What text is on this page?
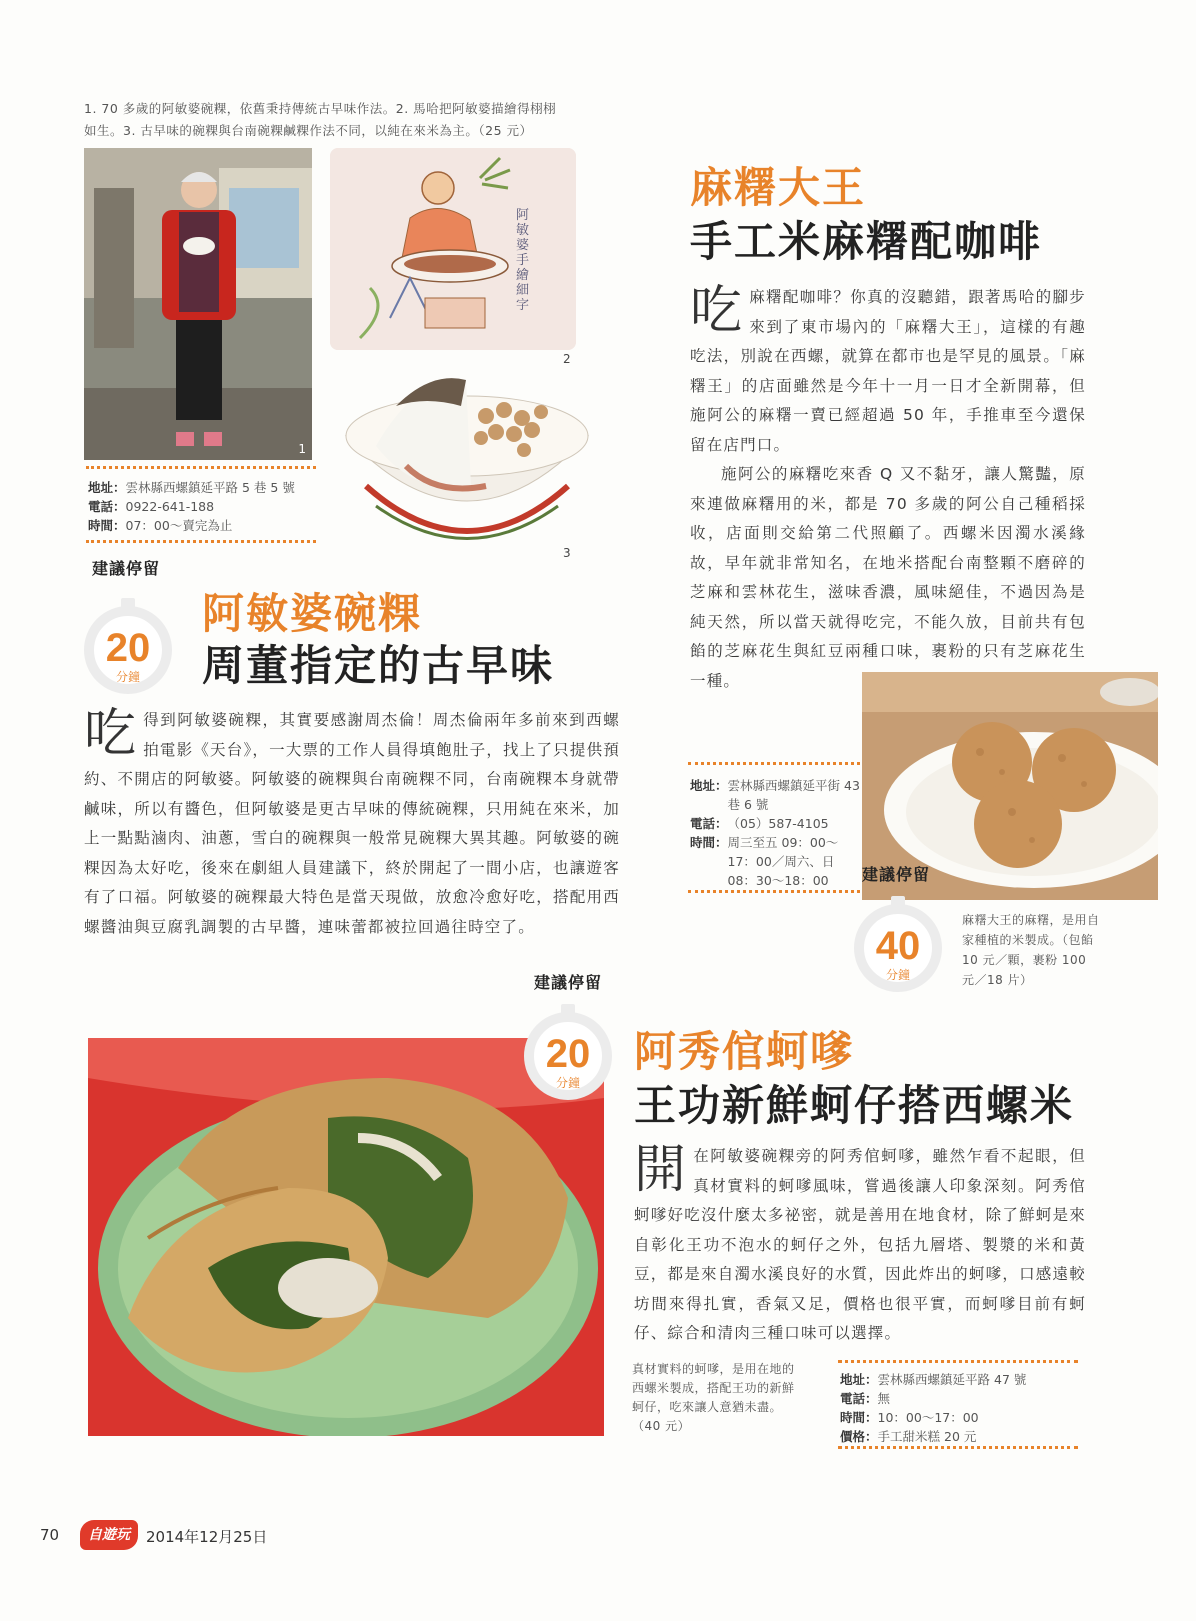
1. 70 多歲的阿敏婆碗粿，依舊秉持傳統古早味作法。2. 馬哈把阿敏婆描繪得栩栩
如生。3. 古早味的碗粿與台南碗粿鹹粿作法不同，以純在來米為主。（25 元）
1
阿敏婆手繪細字
2
3
地址：雲林縣西螺鎮延平路 5 巷 5 號
電話：0922-641-188
時間：07：00～賣完為止
建議停留
20
分鐘
阿敏婆碗粿
周董指定的古早味
吃得到阿敏婆碗粿，其實要感謝周杰倫！周杰倫兩年多前來到西螺拍電影《天台》，一大票的工作人員得填飽肚子，找上了只提供預約、不開店的阿敏婆。阿敏婆的碗粿與台南碗粿不同，台南碗粿本身就帶鹹味，所以有醬色，但阿敏婆是更古早味的傳統碗粿，只用純在來米，加上一點點滷肉、油蔥，雪白的碗粿與一般常見碗粿大異其趣。阿敏婆的碗粿因為太好吃，後來在劇組人員建議下，終於開起了一間小店，也讓遊客有了口福。阿敏婆的碗粿最大特色是當天現做，放愈冷愈好吃，搭配用西螺醬油與豆腐乳調製的古早醬，連味蕾都被拉回過往時空了。
麻糬大王
手工米麻糬配咖啡
吃麻糬配咖啡？你真的沒聽錯，跟著馬哈的腳步來到了東市場內的「麻糬大王」，這樣的有趣吃法，別說在西螺，就算在都市也是罕見的風景。「麻糬王」的店面雖然是今年十一月一日才全新開幕，但施阿公的麻糬一賣已經超過 50 年，手推車至今還保留在店門口。
施阿公的麻糬吃來香 Q 又不黏牙，讓人驚豔，原來連做麻糬用的米，都是 70 多歲的阿公自己種稻採收，店面則交給第二代照顧了。西螺米因濁水溪緣故，早年就非常知名，在地米搭配台南整顆不磨碎的芝麻和雲林花生，滋味香濃，風味絕佳，不過因為是純天然，所以當天就得吃完，不能久放，目前共有包餡的芝麻花生與紅豆兩種口味，裹粉的只有芝麻花生一種。
地址： 雲林縣西螺鎮延平街 43 巷 6 號
電話： （05）587-4105
時間： 周三至五 09：00～17：00／周六、日 08：30～18：00	建議停留
40
分鐘
麻糬大王的麻糬，是用自家種植的米製成。（包餡 10 元／顆，裹粉 100 元／18 片）
建議停留
20
分鐘
阿秀倌蚵嗲
王功新鮮蚵仔搭西螺米
開在阿敏婆碗粿旁的阿秀倌蚵嗲，雖然乍看不起眼，但真材實料的蚵嗲風味，嘗過後讓人印象深刻。阿秀倌蚵嗲好吃沒什麼太多祕密，就是善用在地食材，除了鮮蚵是來自彰化王功不泡水的蚵仔之外，包括九層塔、製漿的米和黃豆，都是來自濁水溪良好的水質，因此炸出的蚵嗲，口感遠較坊間來得扎實，香氣又足，價格也很平實，而蚵嗲目前有蚵仔、綜合和清肉三種口味可以選擇。
真材實料的蚵嗲，是用在地的西螺米製成，搭配王功的新鮮蚵仔，吃來讓人意猶未盡。（40 元）
地址：雲林縣西螺鎮延平路 47 號
電話：無
時間：10：00～17：00
價格：手工甜米糕 20 元
70	自遊玩	2014年12月25日
